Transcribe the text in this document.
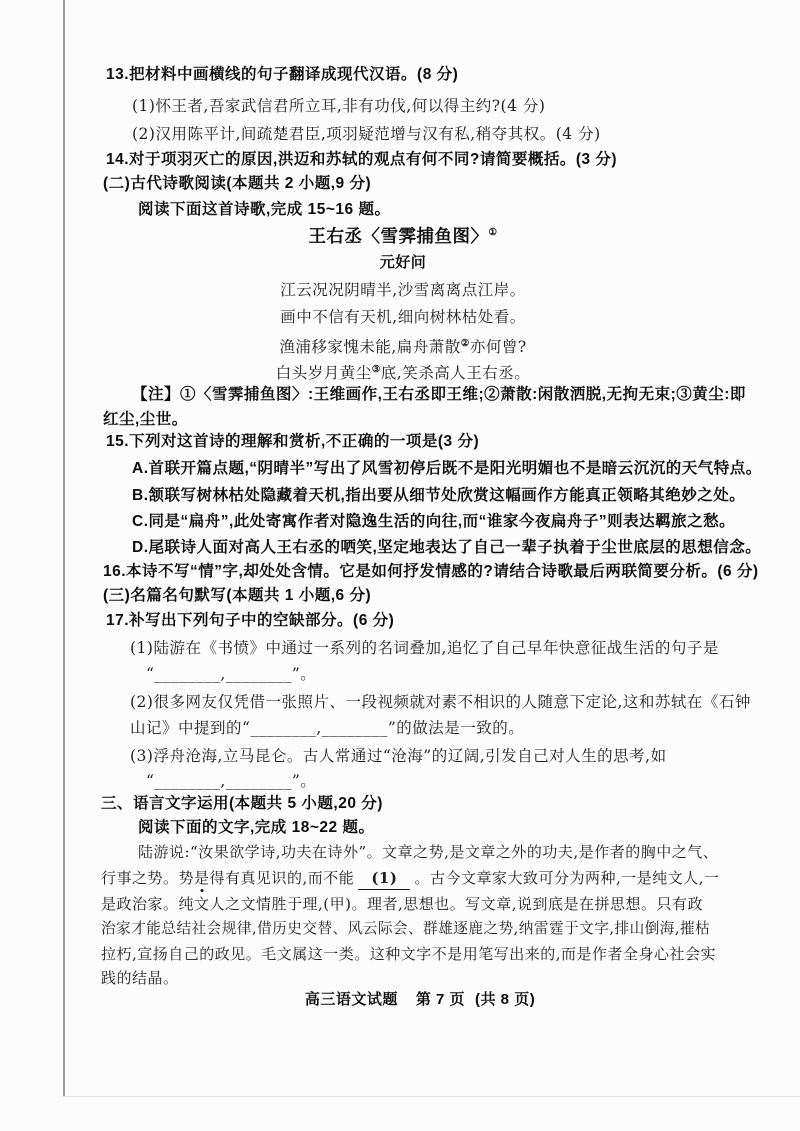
13.把材料中画横线的句子翻译成现代汉语。(8 分)
(1)怀王者,吾家武信君所立耳,非有功伐,何以得主约?(4 分)
(2)汉用陈平计,间疏楚君臣,项羽疑范增与汉有私,稍夺其权。(4 分)
14.对于项羽灭亡的原因,洪迈和苏轼的观点有何不同?请简要概括。(3 分)
(二)古代诗歌阅读(本题共 2 小题,9 分)
阅读下面这首诗歌,完成 15~16 题。
王右丞〈雪霁捕鱼图〉①
元好问
江云况况阴晴半,沙雪离离点江岸。
画中不信有天机,细向树林枯处看。
渔浦移家愧未能,扁舟萧散②亦何曾?
白头岁月黄尘③底,笑杀高人王右丞。
【注】①〈雪霁捕鱼图〉:王维画作,王右丞即王维;②萧散:闲散洒脱,无拘无束;③黄尘:即
红尘,尘世。
15.下列对这首诗的理解和赏析,不正确的一项是(3 分)
A.首联开篇点题,“阴晴半”写出了风雪初停后既不是阳光明媚也不是暗云沉沉的天气特点。
B.颔联写树林枯处隐藏着天机,指出要从细节处欣赏这幅画作方能真正领略其绝妙之处。
C.同是“扁舟”,此处寄寓作者对隐逸生活的向往,而“谁家今夜扁舟子”则表达羁旅之愁。
D.尾联诗人面对高人王右丞的哂笑,坚定地表达了自己一辈子执着于尘世底层的思想信念。
16.本诗不写“情”字,却处处含情。它是如何抒发情感的?请结合诗歌最后两联简要分析。(6 分)
(三)名篇名句默写(本题共 1 小题,6 分)
17.补写出下列句子中的空缺部分。(6 分)
(1)陆游在《书愤》中通过一系列的名词叠加,追忆了自己早年快意征战生活的句子是
“________,________”。
(2)很多网友仅凭借一张照片、一段视频就对素不相识的人随意下定论,这和苏轼在《石钟
山记》中提到的“________,________”的做法是一致的。
(3)浮舟沧海,立马昆仑。古人常通过“沧海”的辽阔,引发自己对人生的思考,如
“________,________”。
三、语言文字运用(本题共 5 小题,20 分)
阅读下面的文字,完成 18~22 题。
陆游说:“汝果欲学诗,功夫在诗外”。文章之势,是文章之外的功夫,是作者的胸中之气、
行事之势。势是得有真见识的,而不能 (1) 。古今文章家大致可分为两种,一是纯文人,一
是政治家。纯文人之文情胜于理,(甲)。理者,思想也。写文章,说到底是在拼思想。只有政
治家才能总结社会规律,借历史交替、风云际会、群雄逐鹿之势,纳雷霆于文字,排山倒海,摧枯
拉朽,宣扬自己的政见。毛文属这一类。这种文字不是用笔写出来的,而是作者全身心社会实
践的结晶。
高三语文试题 第 7 页 (共 8 页)
